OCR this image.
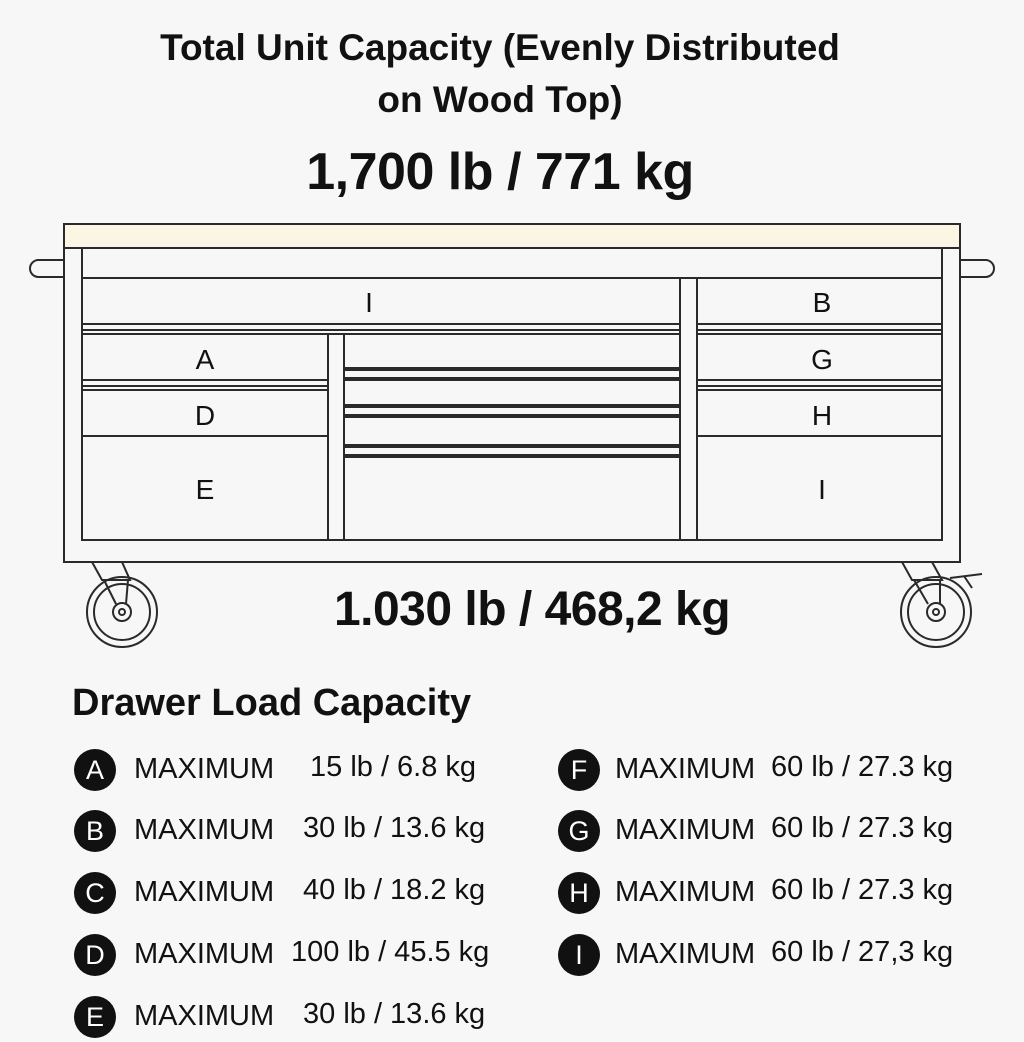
Total Unit Capacity (Evenly Distributed
on Wood Top)
1,700 lb / 771 kg
I	B
A
D
E
G
H
I
1.030 lb / 468,2 kg
Drawer Load Capacity
A	MAXIMUM 15 lb / 6.8 kg
B	MAXIMUM 30 lb / 13.6 kg
C	MAXIMUM 40 lb / 18.2 kg
D	MAXIMUM 100 lb / 45.5 kg
E	MAXIMUM 30 lb / 13.6 kg
F MAXIMUM 60 lb / 27.3 kg
G MAXIMUM 60 lb / 27.3 kg
H MAXIMUM 60 lb / 27.3 kg
I	MAXIMUM 60 lb / 27,3 kg
